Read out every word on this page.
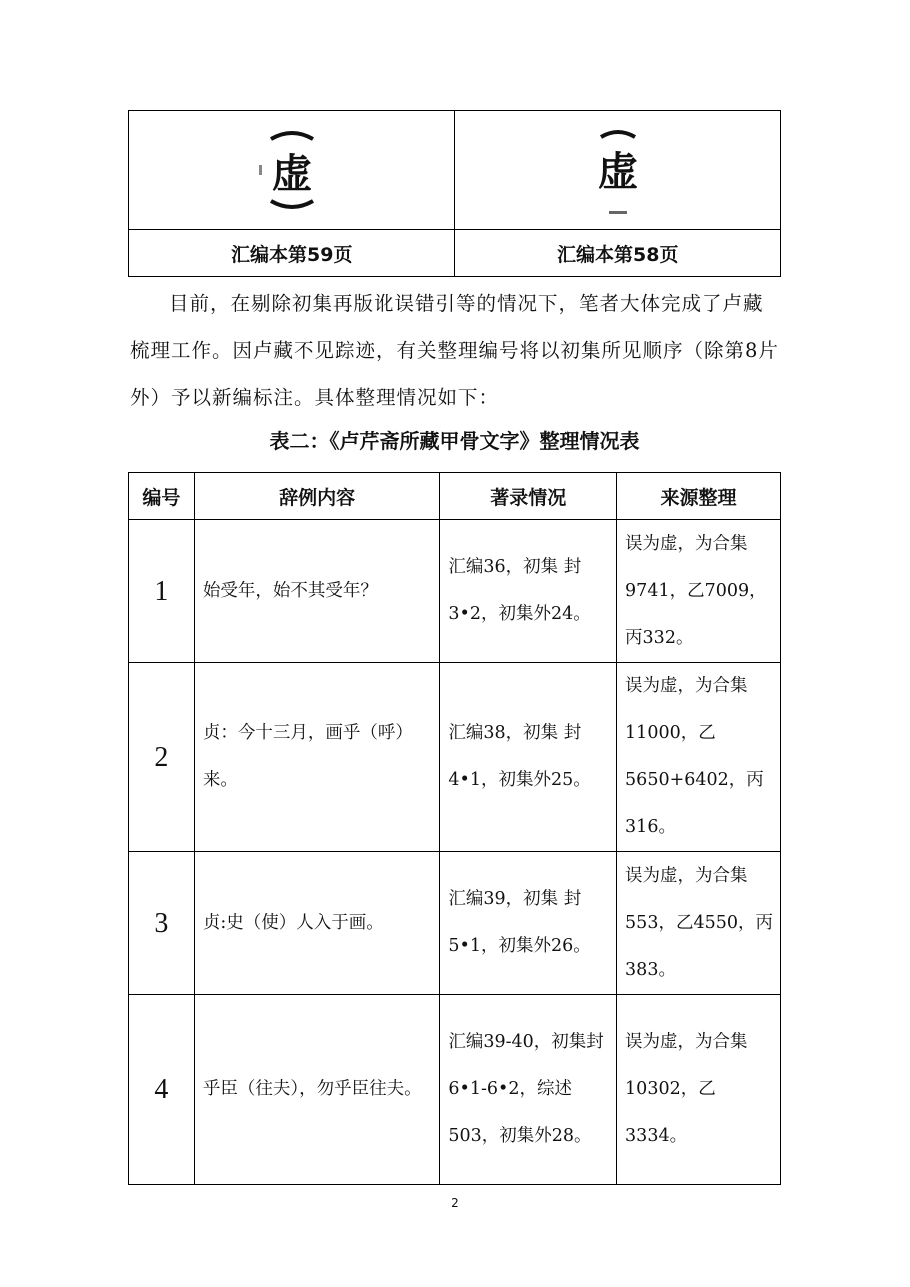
虚	虚

汇编本第59页	汇编本第58页

目前，在剔除初集再版讹误错引等的情况下，笔者大体完成了卢藏梳理工作。因卢藏不见踪迹，有关整理编号将以初集所见顺序（除第8片外）予以新编标注。具体整理情况如下：

表二：《卢芹斋所藏甲骨文字》整理情况表
编号	辞例内容	著录情况	来源整理
1	始受年，始不其受年？	汇编36，初集 封3•2，初集外24。	误为虚，为合集9741，乙7009，丙332。
2	贞：今十三月，画乎（呼）来。	汇编38，初集 封4•1，初集外25。	误为虚，为合集11000，乙5650+6402，丙316。
3	贞:史（使）人入于画。	汇编39，初集 封5•1，初集外26。	误为虚，为合集553，乙4550，丙383。
4	乎臣（往夫），勿乎臣往夫。	汇编39-40，初集封6•1-6•2，综述503，初集外28。	误为虚，为合集10302，乙3334。
2
